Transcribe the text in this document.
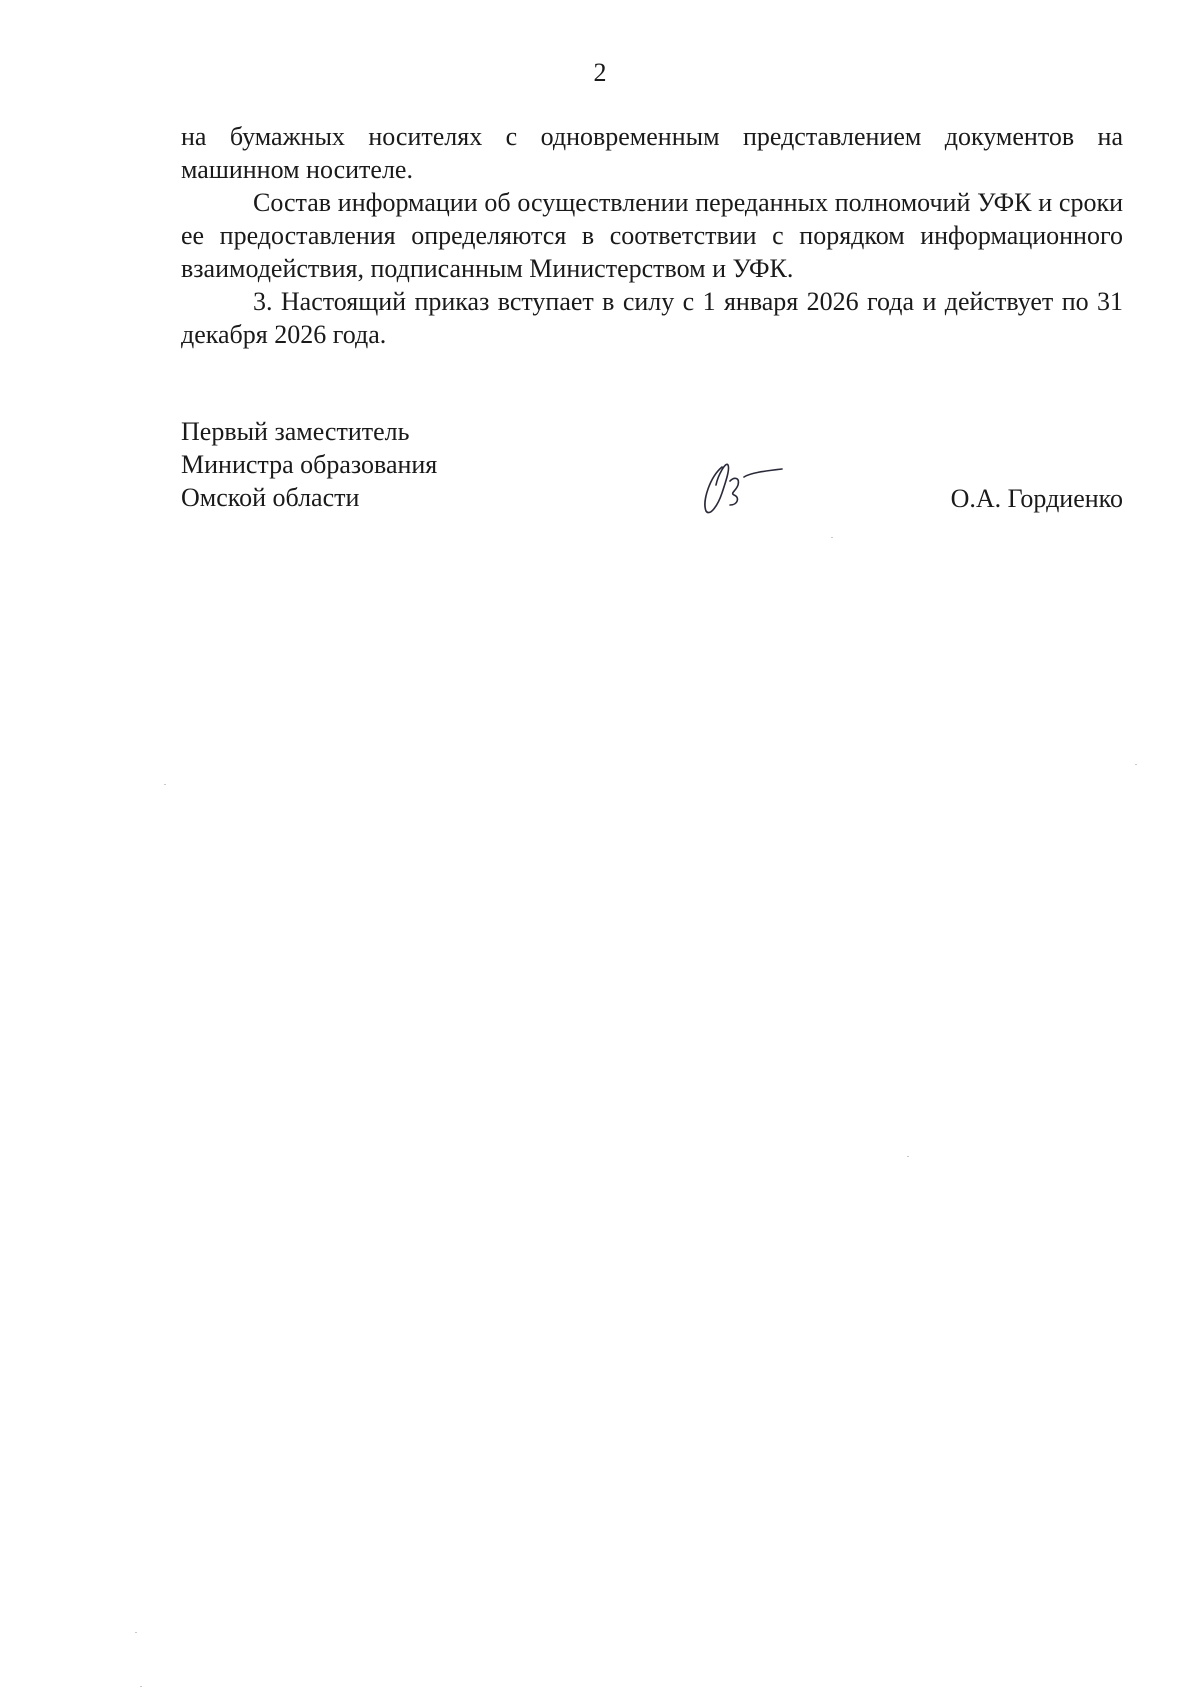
2

на бумажных носителях с одновременным представлением документов на машинном носителе.

Состав информации об осуществлении переданных полномочий УФК и сроки ее предоставления определяются в соответствии с порядком информационного взаимодействия, подписанным Министерством и УФК.

3. Настоящий приказ вступает в силу с 1 января 2026 года и действует по 31 декабря 2026 года.

Первый заместитель
Министра образования
Омской области	О.А. Гордиенко
